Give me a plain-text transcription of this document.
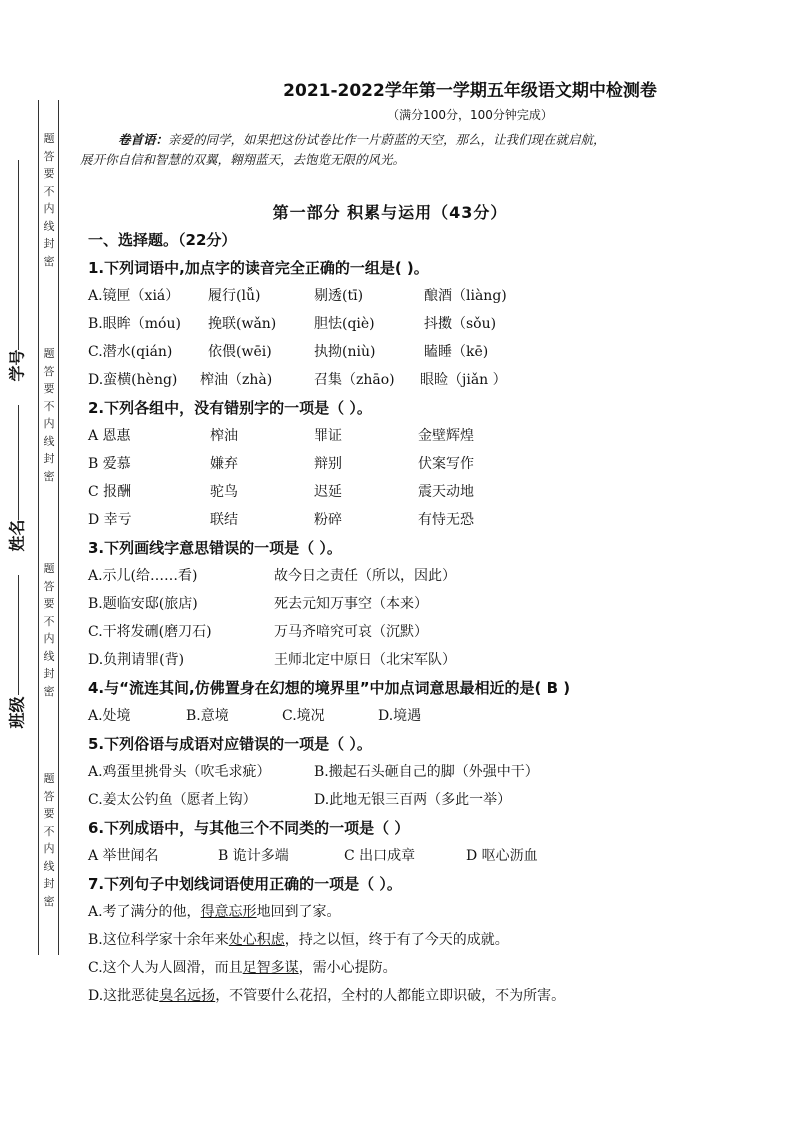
题
答
要
不
内
线
封
密
题
答
要
不
内
线
封
密
题
答
要
不
内
线
封
密
题
答
要
不
内
线
封
密
学号
姓名
班级
2021-2022学年第一学期五年级语文期中检测卷
（满分100分，100分钟完成）
卷首语：亲爱的同学，如果把这份试卷比作一片蔚蓝的天空，那么，让我们现在就启航，
展开你自信和智慧的双翼，翱翔蓝天，去饱览无限的风光。
第一部分 积累与运用（43分）
一、选择题。（22分）
1.下列词语中,加点字的读音完全正确的一组是( )。
A.镜匣（xiá） 履行(lǚ)	剔透(tī)	酿酒（liàng)
B.眼眸（móu) 挽联(wǎn)	胆怯(qiè)	抖擞（sǒu)
C.潜水(qián)	依偎(wēi)	执拗(niù)	瞌睡（kē)
D.蛮横(hèng) 榨油（zhà)	召集（zhāo) 眼睑（jiǎn ）
2.下列各组中，没有错别字的一项是（ ）。
A 恩惠	榨油	罪证	金壁辉煌
B 爱慕	嫌弃	辩别	伏案写作
C 报酬	驼鸟	迟延	震天动地
D 幸亏	联结	粉碎	有恃无恐
3.下列画线字意思错误的一项是（ ）。
A.示儿(给……看)	故今日之责任（所以，因此）
B.题临安邸(旅店)	死去元知万事空（本来）
C.干将发硎(磨刀石)	万马齐喑究可哀（沉默）
D.负荆请罪(背)	王师北定中原日（北宋军队）
4.与“流连其间,仿佛置身在幻想的境界里”中加点词意思最相近的是( B )
A.处境	B.意境	C.境况	D.境遇
5.下列俗语与成语对应错误的一项是（ ）。
A.鸡蛋里挑骨头（吹毛求疵）	B.搬起石头砸自己的脚（外强中干）
C.姜太公钓鱼（愿者上钩）	D.此地无银三百两（多此一举）
6.下列成语中，与其他三个不同类的一项是（ ）
A 举世闻名	B 诡计多端	C 出口成章	D 呕心沥血
7.下列句子中划线词语使用正确的一项是（ ）。
A.考了满分的他，得意忘形地回到了家。
B.这位科学家十余年来处心积虑，持之以恒，终于有了今天的成就。
C.这个人为人圆滑，而且足智多谋，需小心提防。
D.这批恶徒臭名远扬，不管要什么花招，全村的人都能立即识破，不为所害。
